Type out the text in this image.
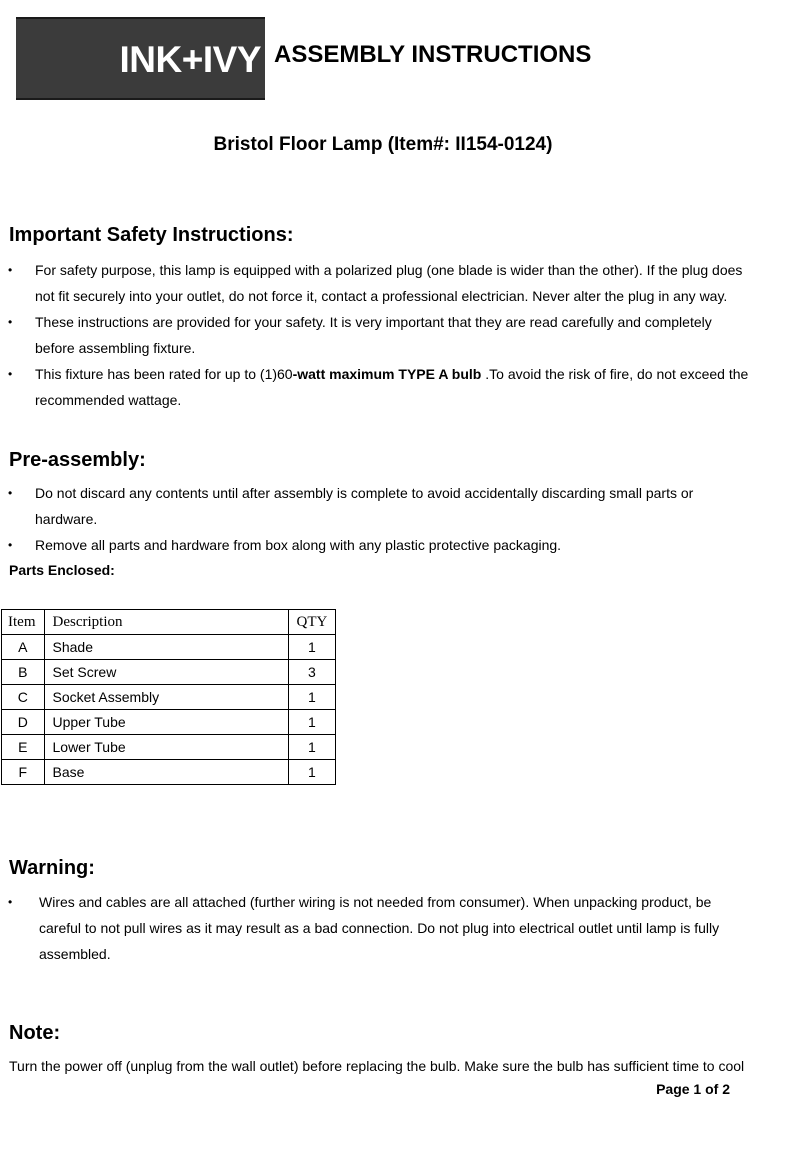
INK+IVY ASSEMBLY INSTRUCTIONS
Bristol Floor Lamp (Item#: II154-0124)
Important Safety Instructions:
•	For safety purpose, this lamp is equipped with a polarized plug (one blade is wider than the other). If the plug does
not fit securely into your outlet, do not force it, contact a professional electrician. Never alter the plug in any way.
•	These instructions are provided for your safety. It is very important that they are read carefully and completely
before assembling fixture.
•	This fixture has been rated for up to (1)60-watt maximum TYPE A bulb .To avoid the risk of fire, do not exceed the
recommended wattage.
Pre-assembly:
•	Do not discard any contents until after assembly is complete to avoid accidentally discarding small parts or
hardware.
•	Remove all parts and hardware from box along with any plastic protective packaging.
Parts Enclosed:
Item	Description	QTY
A	Shade	1
B	Set Screw	3
C	Socket Assembly	1
D	Upper Tube	1
E	Lower Tube	1
F	Base	1
Warning:
•	Wires and cables are all attached (further wiring is not needed from consumer). When unpacking product, be
careful to not pull wires as it may result as a bad connection. Do not plug into electrical outlet until lamp is fully
assembled.
Note:
Turn the power off (unplug from the wall outlet) before replacing the bulb. Make sure the bulb has sufficient time to cool
Page 1 of 2
